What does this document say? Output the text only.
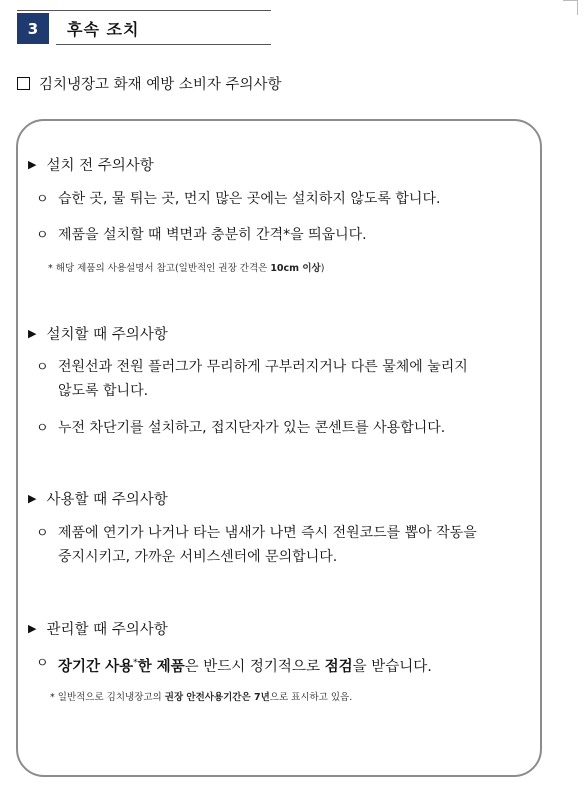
3	후속 조치
김치냉장고 화재 예방 소비자 주의사항
▶ 설치 전 주의사항
ㅇ 습한 곳, 물 튀는 곳, 먼지 많은 곳에는 설치하지 않도록 합니다.
ㅇ 제품을 설치할 때 벽면과 충분히 간격*을 띄웁니다.
* 해당 제품의 사용설명서 참고(일반적인 권장 간격은 10cm 이상)
▶ 설치할 때 주의사항
ㅇ 전원선과 전원 플러그가 무리하게 구부러지거나 다른 물체에 눌리지
않도록 합니다.
ㅇ 누전 차단기를 설치하고, 접지단자가 있는 콘센트를 사용합니다.
▶ 사용할 때 주의사항
ㅇ 제품에 연기가 나거나 타는 냄새가 나면 즉시 전원코드를 뽑아 작동을
중지시키고, 가까운 서비스센터에 문의합니다.
▶ 관리할 때 주의사항
ㅇ 장기간 사용*한 제품은 반드시 정기적으로 점검을 받습니다.
* 일반적으로 김치냉장고의 권장 안전사용기간은 7년으로 표시하고 있음.
